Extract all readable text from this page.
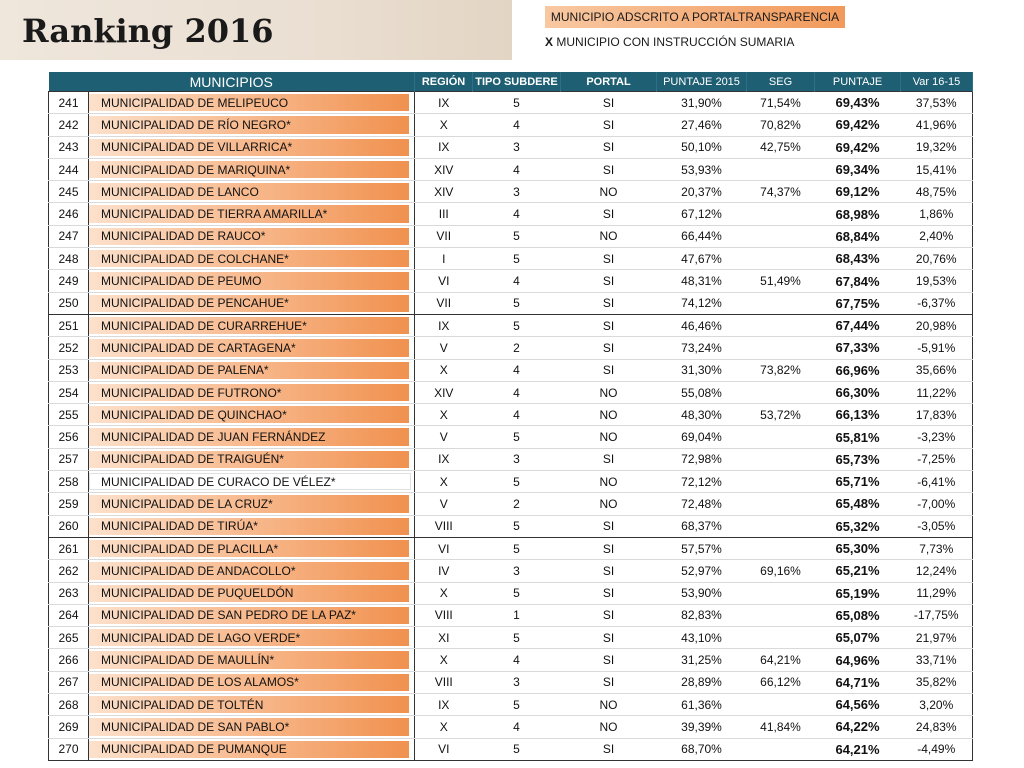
Ranking 2016	MUNICIPIO ADSCRITO A PORTALTRANSPARENCIA
X MUNICIPIO CON INSTRUCCIÓN SUMARIA
MUNICIPIOS		REGIÓN	TIPO SUBDERE	PORTAL	PUNTAJE 2015	SEG	PUNTAJE	Var 16-15
241	MUNICIPALIDAD DE MELIPEUCO	IX	5	SI	31,90%	71,54%	69,43%	37,53%
242	MUNICIPALIDAD DE RÍO NEGRO*	X	4	SI	27,46%	70,82%	69,42%	41,96%
243	MUNICIPALIDAD DE VILLARRICA*	IX	3	SI	50,10%	42,75%	69,42%	19,32%
244	MUNICIPALIDAD DE MARIQUINA*	XIV	4	SI	53,93%		69,34%	15,41%
245	MUNICIPALIDAD DE LANCO	XIV	3	NO	20,37%	74,37%	69,12%	48,75%
246	MUNICIPALIDAD DE TIERRA AMARILLA*	III	4	SI	67,12%		68,98%	1,86%
247	MUNICIPALIDAD DE RAUCO*	VII	5	NO	66,44%		68,84%	2,40%
248	MUNICIPALIDAD DE COLCHANE*	I	5	SI	47,67%		68,43%	20,76%
249	MUNICIPALIDAD DE PEUMO	VI	4	SI	48,31%	51,49%	67,84%	19,53%
250	MUNICIPALIDAD DE PENCAHUE*	VII	5	SI	74,12%		67,75%	-6,37%
251	MUNICIPALIDAD DE CURARREHUE*	IX	5	SI	46,46%		67,44%	20,98%
252	MUNICIPALIDAD DE CARTAGENA*	V	2	SI	73,24%		67,33%	-5,91%
253	MUNICIPALIDAD DE PALENA*	X	4	SI	31,30%	73,82%	66,96%	35,66%
254	MUNICIPALIDAD DE FUTRONO*	XIV	4	NO	55,08%		66,30%	11,22%
255	MUNICIPALIDAD DE QUINCHAO*	X	4	NO	48,30%	53,72%	66,13%	17,83%
256	MUNICIPALIDAD DE JUAN FERNÁNDEZ	V	5	NO	69,04%		65,81%	-3,23%
257	MUNICIPALIDAD DE TRAIGUÉN*	IX	3	SI	72,98%		65,73%	-7,25%
258	MUNICIPALIDAD DE CURACO DE VÉLEZ*	X	5	NO	72,12%		65,71%	-6,41%
259	MUNICIPALIDAD DE LA CRUZ*	V	2	NO	72,48%		65,48%	-7,00%
260	MUNICIPALIDAD DE TIRÚA*	VIII	5	SI	68,37%		65,32%	-3,05%
261	MUNICIPALIDAD DE PLACILLA*	VI	5	SI	57,57%		65,30%	7,73%
262	MUNICIPALIDAD DE ANDACOLLO*	IV	3	SI	52,97%	69,16%	65,21%	12,24%
263	MUNICIPALIDAD DE PUQUELDÓN	X	5	SI	53,90%		65,19%	11,29%
264	MUNICIPALIDAD DE SAN PEDRO DE LA PAZ*	VIII	1	SI	82,83%		65,08%	-17,75%
265	MUNICIPALIDAD DE LAGO VERDE*	XI	5	SI	43,10%		65,07%	21,97%
266	MUNICIPALIDAD DE MAULLÍN*	X	4	SI	31,25%	64,21%	64,96%	33,71%
267	MUNICIPALIDAD DE LOS ALAMOS*	VIII	3	SI	28,89%	66,12%	64,71%	35,82%
268	MUNICIPALIDAD DE TOLTÉN	IX	5	NO	61,36%		64,56%	3,20%
269	MUNICIPALIDAD DE SAN PABLO*	X	4	NO	39,39%	41,84%	64,22%	24,83%
270	MUNICIPALIDAD DE PUMANQUE	VI	5	SI	68,70%		64,21%	-4,49%
